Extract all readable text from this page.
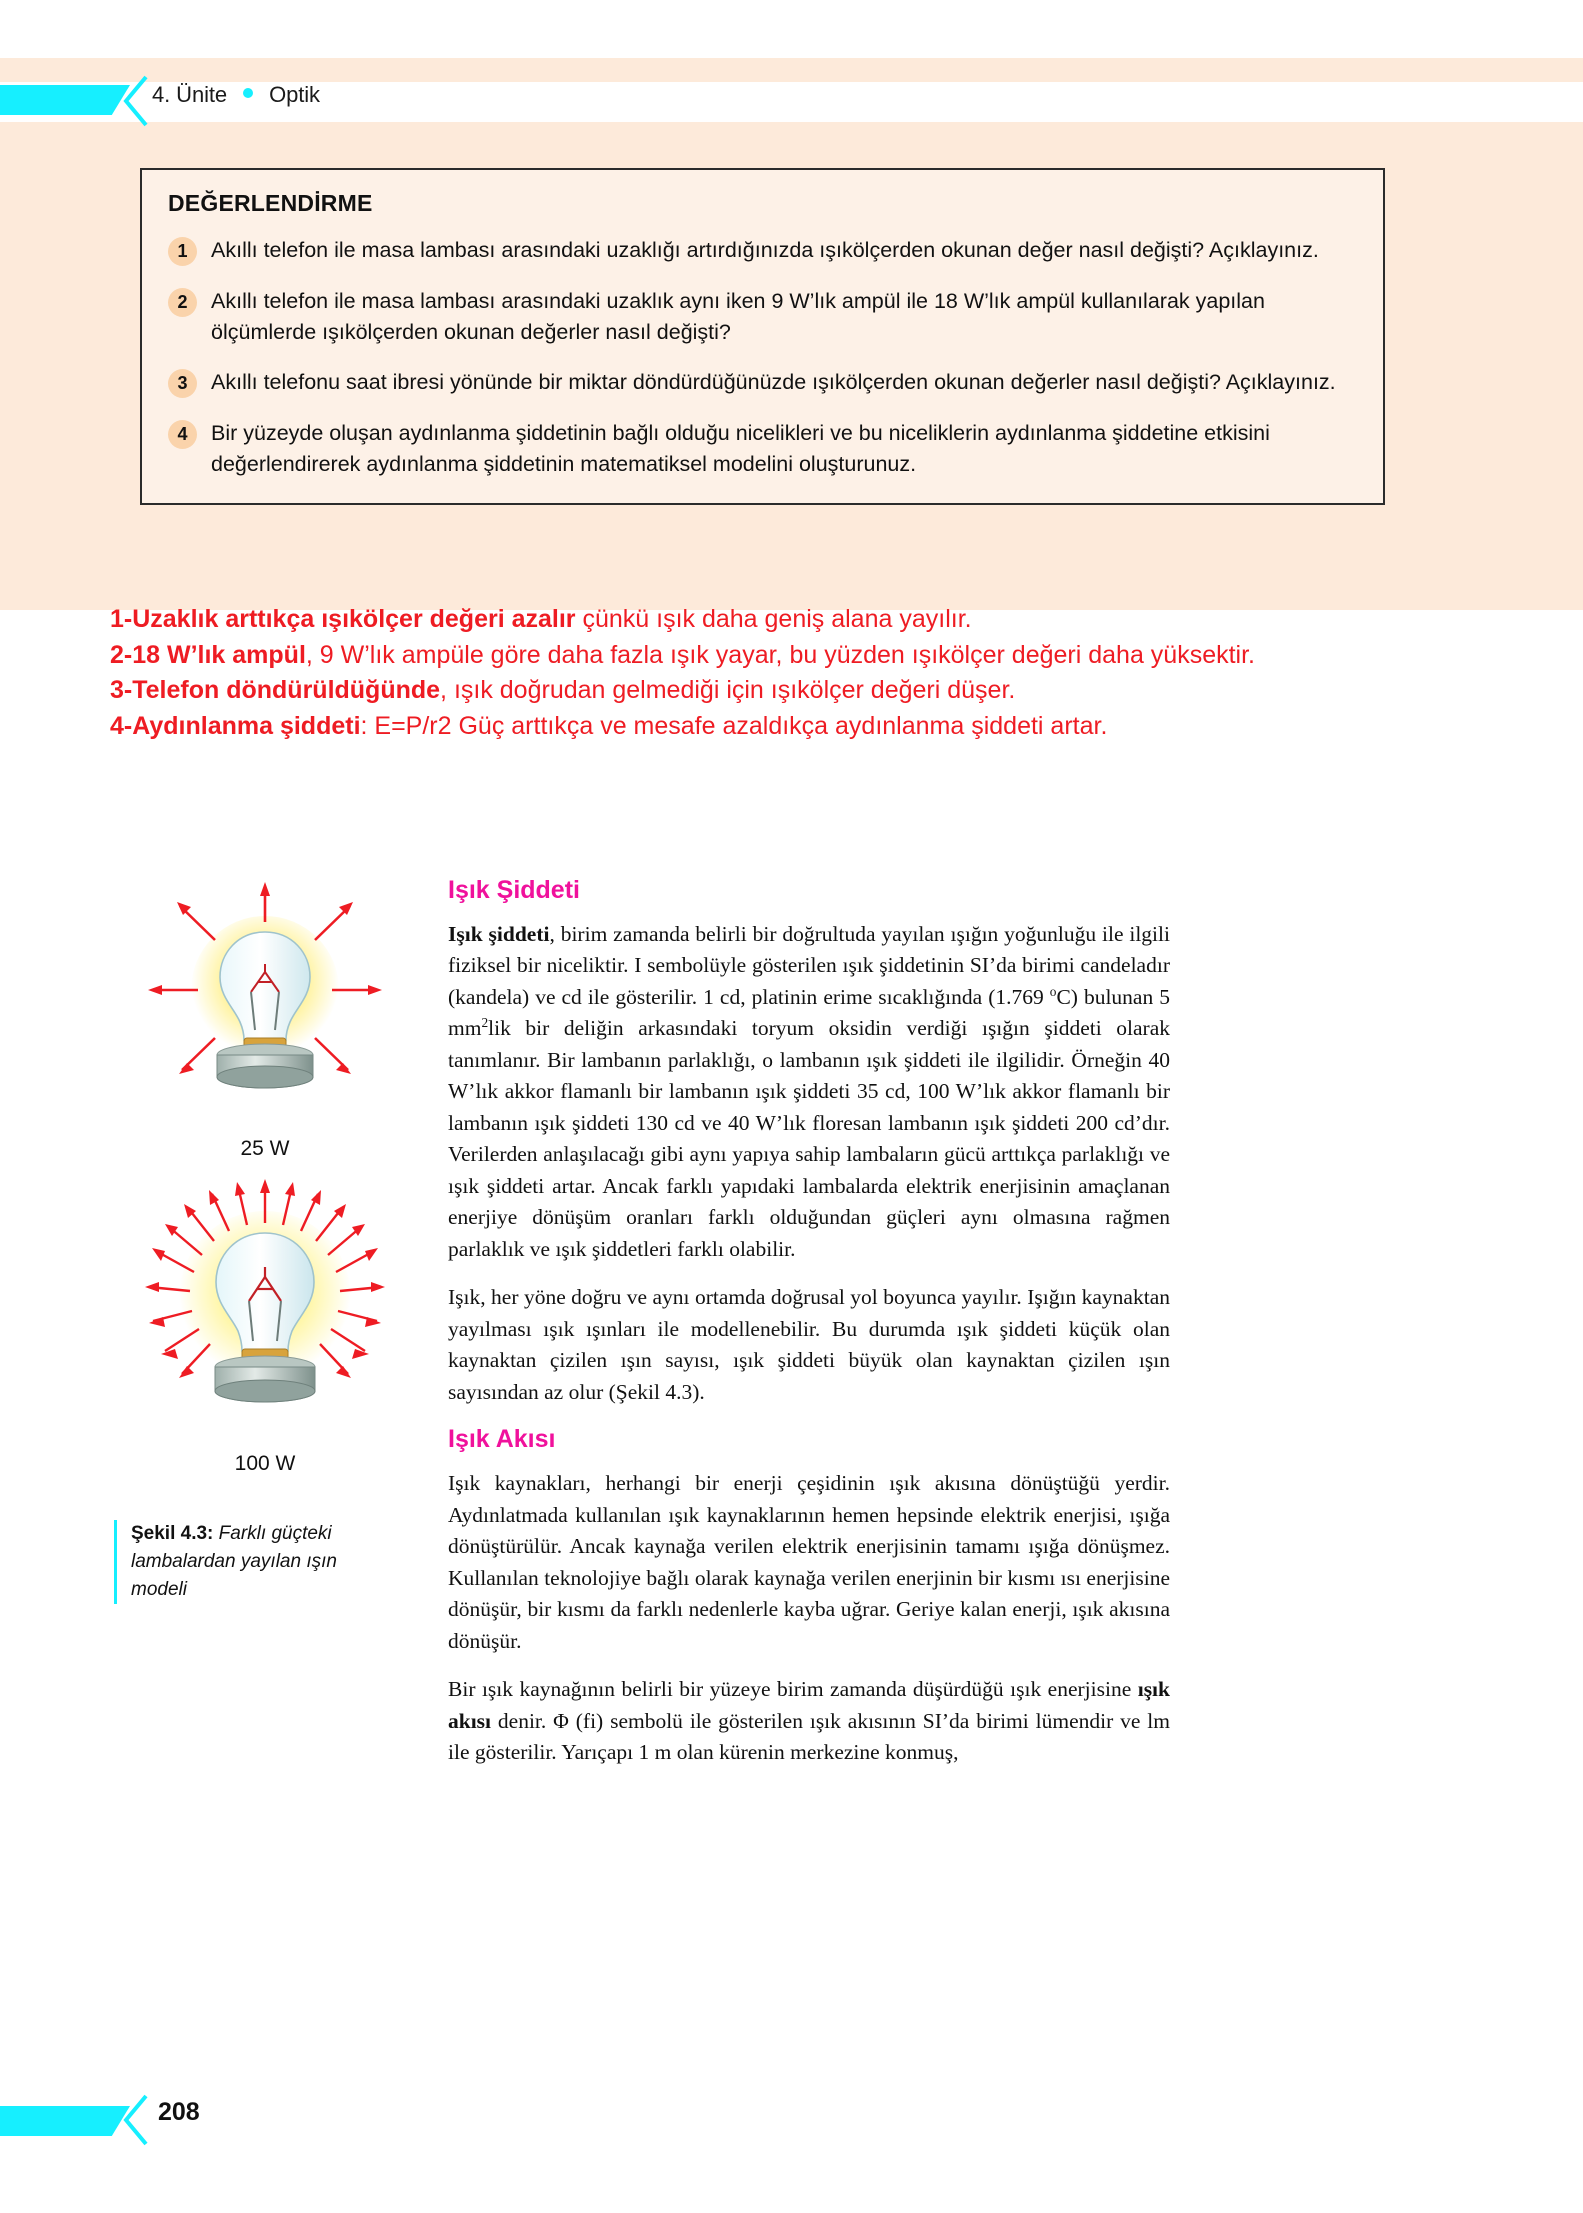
4. Ünite Optik
DEĞERLENDİRME
1	Akıllı telefon ile masa lambası arasındaki uzaklığı artırdığınızda ışıkölçerden okunan değer nasıl değişti? Açıklayınız.
2	Akıllı telefon ile masa lambası arasındaki uzaklık aynı iken 9 W’lık ampül ile 18 W’lık ampül kullanılarak yapılan ölçümlerde ışıkölçerden okunan değerler nasıl değişti?
3	Akıllı telefonu saat ibresi yönünde bir miktar döndürdüğünüzde ışıkölçerden okunan değerler nasıl değişti? Açıklayınız.
4	Bir yüzeyde oluşan aydınlanma şiddetinin bağlı olduğu nicelikleri ve bu niceliklerin aydınlanma şiddetine etkisini değerlendirerek aydınlanma şiddetinin matematiksel modelini oluşturunuz.
1-Uzaklık arttıkça ışıkölçer değeri azalır çünkü ışık daha geniş alana yayılır.
2-18 W’lık ampül, 9 W’lık ampüle göre daha fazla ışık yayar, bu yüzden ışıkölçer değeri daha yüksektir.
3-Telefon döndürüldüğünde, ışık doğrudan gelmediği için ışıkölçer değeri düşer.
4-Aydınlanma şiddeti: E=P/r2 Güç arttıkça ve mesafe azaldıkça aydınlanma şiddeti artar.
25 W
100 W
Şekil 4.3: Farklı güçteki lambalardan yayılan ışın modeli
Işık Şiddeti

Işık şiddeti, birim zamanda belirli bir doğrultuda yayılan ışığın yoğunluğu ile ilgili fiziksel bir niceliktir. I sembolüyle gösterilen ışık şiddetinin SI’da birimi candeladır (kandela) ve cd ile gösterilir. 1 cd, platinin erime sıcaklığında (1.769 $^o$C) bulunan 5 $mm^2lik$ bir deliğin arkasındaki toryum oksidin verdiği ışığın şiddeti olarak tanımlanır. Bir lambanın parlaklığı, o lambanın ışık şiddeti ile ilgilidir. Örneğin 40 W’lık akkor flamanlı bir lambanın ışık şiddeti 35 cd, 100 W’lık akkor flamanlı bir lambanın ışık şiddeti 130 cd ve 40 W’lık floresan lambanın ışık şiddeti 200 cd’dır. Verilerden anlaşılacağı gibi aynı yapıya sahip lambaların gücü arttıkça parlaklığı ve ışık şiddeti artar. Ancak farklı yapıdaki lambalarda elektrik enerjisinin amaçlanan enerjiye dönüşüm oranları farklı olduğundan güçleri aynı olmasına rağmen parlaklık ve ışık şiddetleri farklı olabilir.

Işık, her yöne doğru ve aynı ortamda doğrusal yol boyunca yayılır. Işığın kaynaktan yayılması ışık ışınları ile modellenebilir. Bu durumda ışık şiddeti küçük olan kaynaktan çizilen ışın sayısı, ışık şiddeti büyük olan kaynaktan çizilen ışın sayısından az olur (Şekil 4.3).

Işık Akısı

Işık kaynakları, herhangi bir enerji çeşidinin ışık akısına dönüştüğü yerdir. Aydınlatmada kullanılan ışık kaynaklarının hemen hepsinde elektrik enerjisi, ışığa dönüştürülür. Ancak kaynağa verilen elektrik enerjisinin tamamı ışığa dönüşmez. Kullanılan teknolojiye bağlı olarak kaynağa verilen enerjinin bir kısmı ısı enerjisine dönüşür, bir kısmı da farklı nedenlerle kayba uğrar. Geriye kalan enerji, ışık akısına dönüşür.

Bir ışık kaynağının belirli bir yüzeye birim zamanda düşürdüğü ışık enerjisine ışık akısı denir. Φ (fi) sembolü ile gösterilen ışık akısının SI’da birimi lümendir ve lm ile gösterilir. Yarıçapı 1 m olan kürenin merkezine konmuş,

208
